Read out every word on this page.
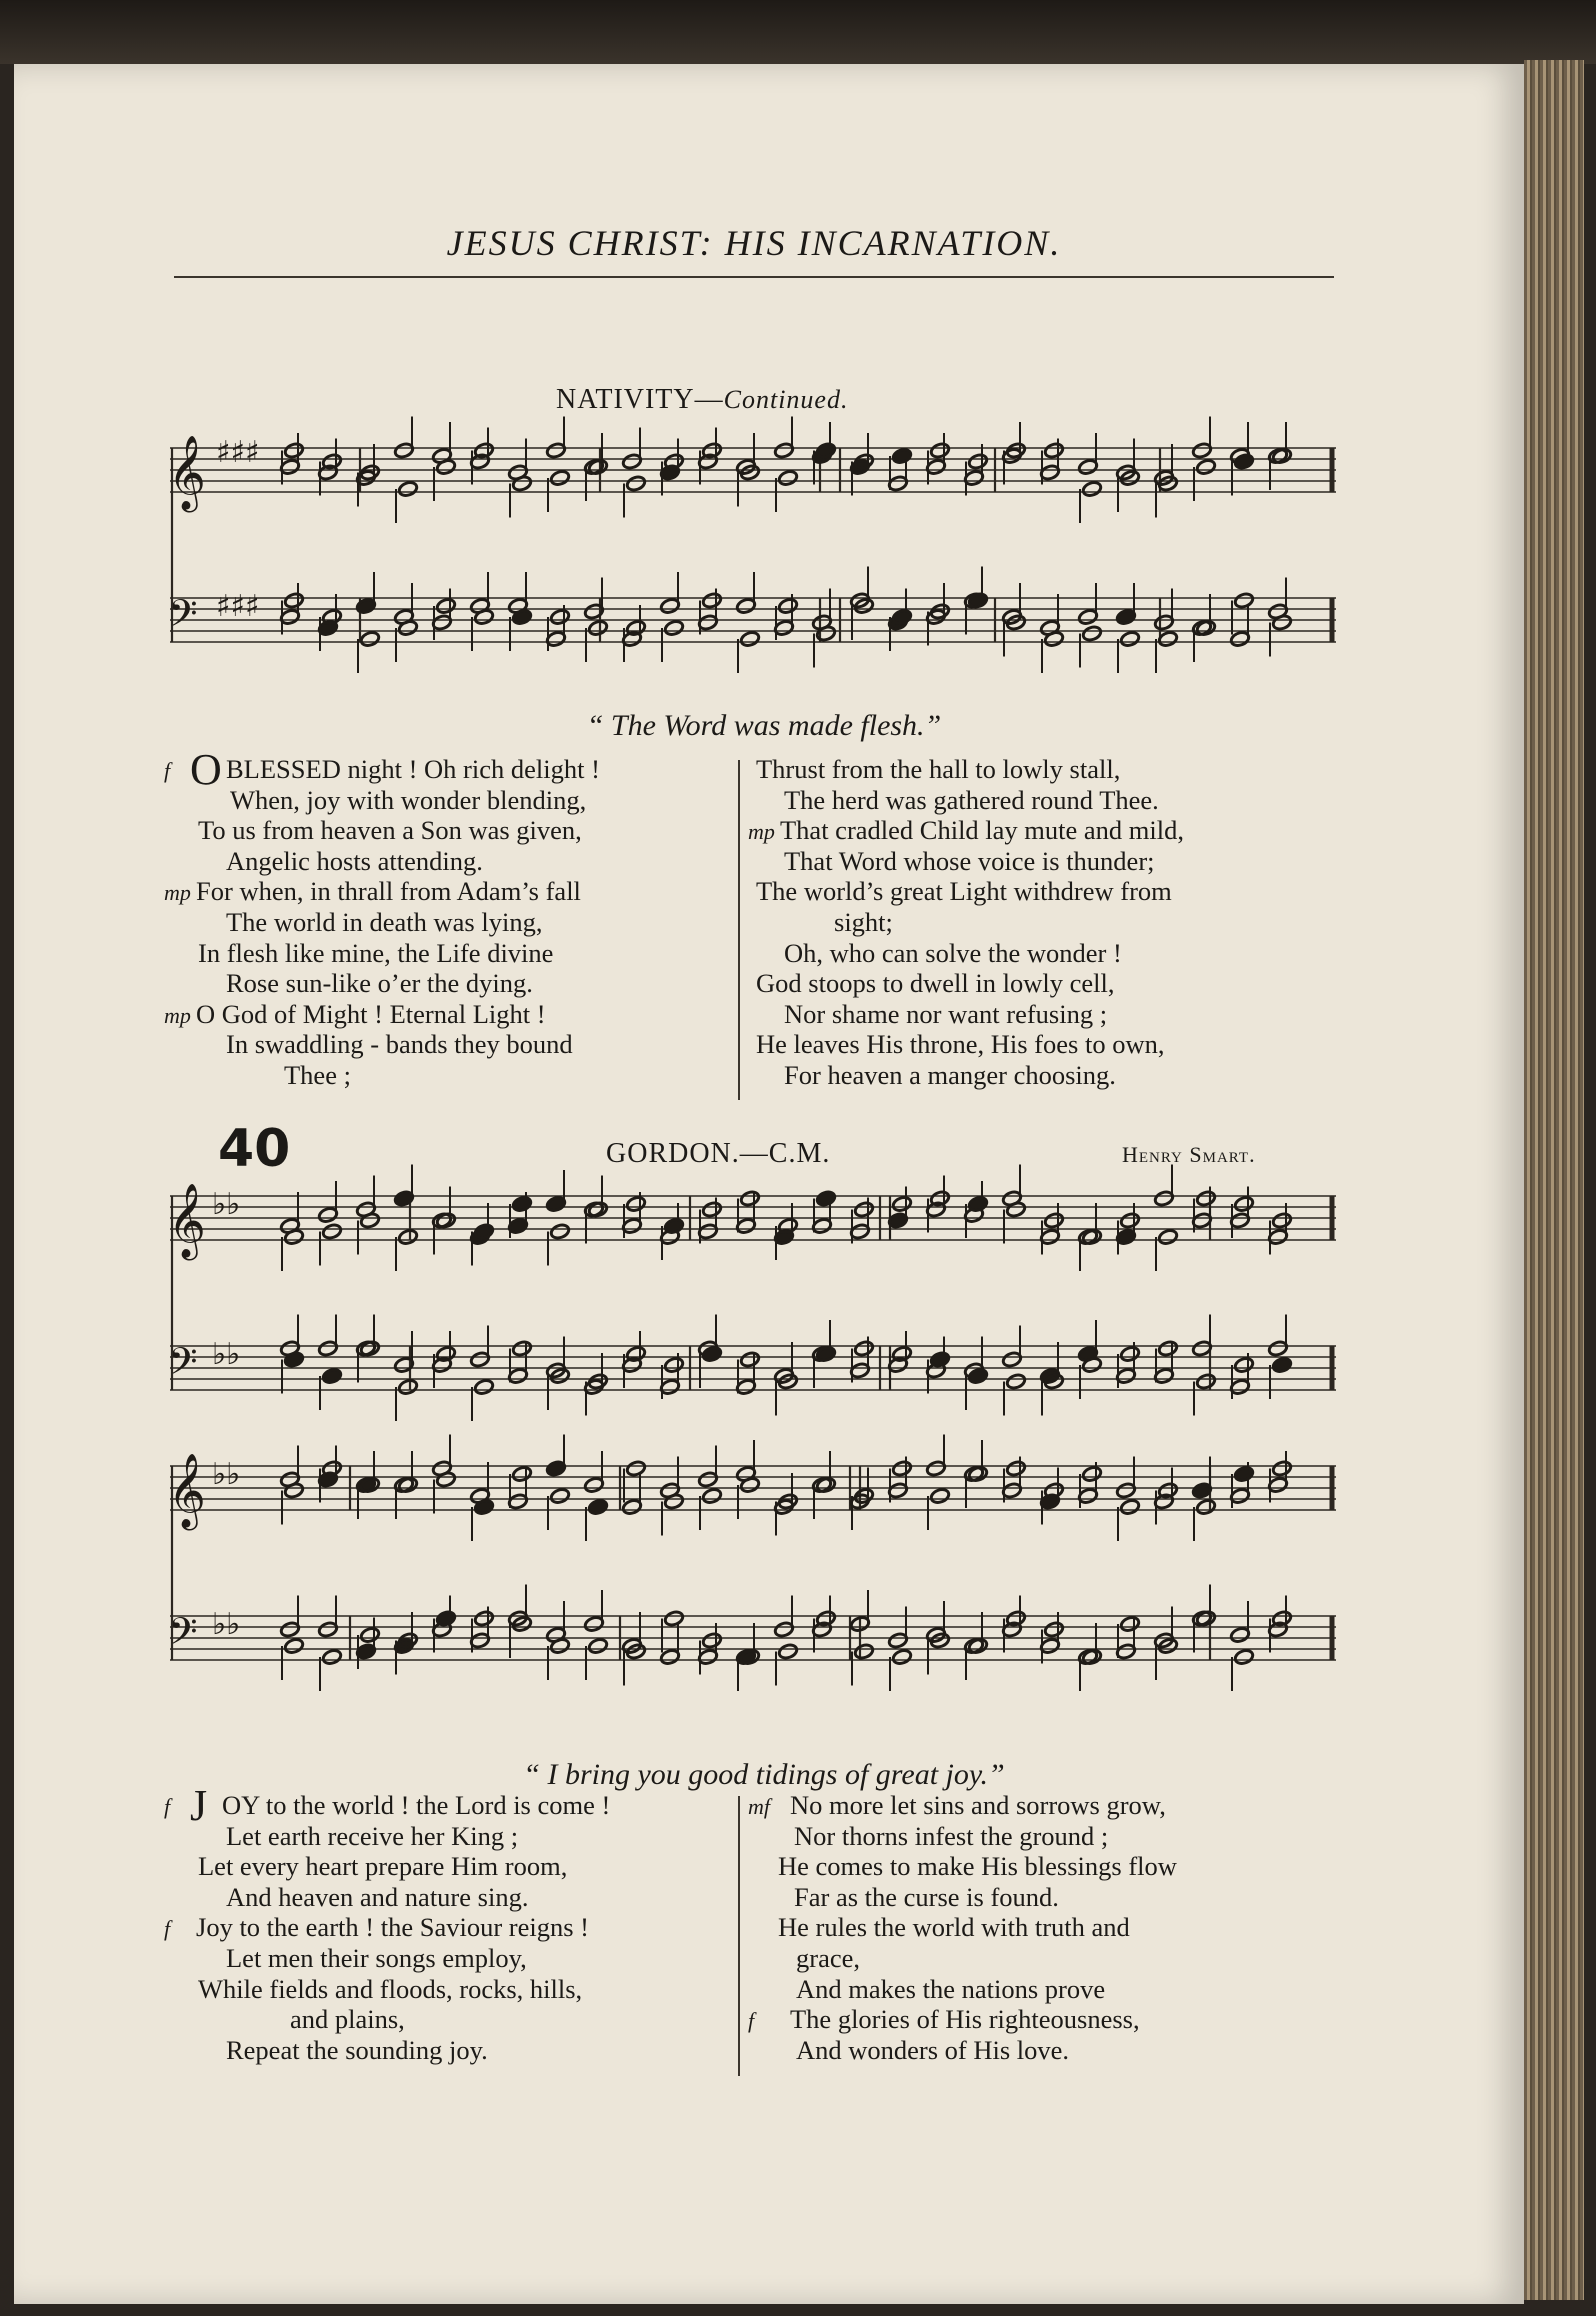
JESUS CHRIST: HIS INCARNATION.
NATIVITY—Continued.
𝄞
𝄢
♯♯♯
♯♯♯
“ The Word was made flesh.”
f O BLESSED night ! Oh rich delight !
When, joy with wonder blending,
To us from heaven a Son was given,
Angelic hosts attending.
mp For when, in thrall from Adam’s fall
The world in death was lying,
In flesh like mine, the Life divine
Rose sun-like o’er the dying.
mp O God of Might ! Eternal Light !
In swaddling - bands they bound
Thee ;
Thrust from the hall to lowly stall,
The herd was gathered round Thee.
mp That cradled Child lay mute and mild,
That Word whose voice is thunder;
The world’s great Light withdrew from
sight;
Oh, who can solve the wonder !
God stoops to dwell in lowly cell,
Nor shame nor want refusing ;
He leaves His throne, His foes to own,
For heaven a manger choosing.
40	GORDON.—C.M.	Henry Smart.
𝄞
𝄢
𝄞
𝄢
♭♭
♭♭
♭♭
♭♭
“ I bring you good tidings of great joy.”
f J OY to the world ! the Lord is come !
Let earth receive her King ;
Let every heart prepare Him room,
And heaven and nature sing.
f Joy to the earth ! the Saviour reigns !
Let men their songs employ,
While fields and floods, rocks, hills,
and plains,
Repeat the sounding joy.
mf No more let sins and sorrows grow,
Nor thorns infest the ground ;
He comes to make His blessings flow
Far as the curse is found.
He rules the world with truth and
grace,
And makes the nations prove
f The glories of His righteousness,
And wonders of His love.
